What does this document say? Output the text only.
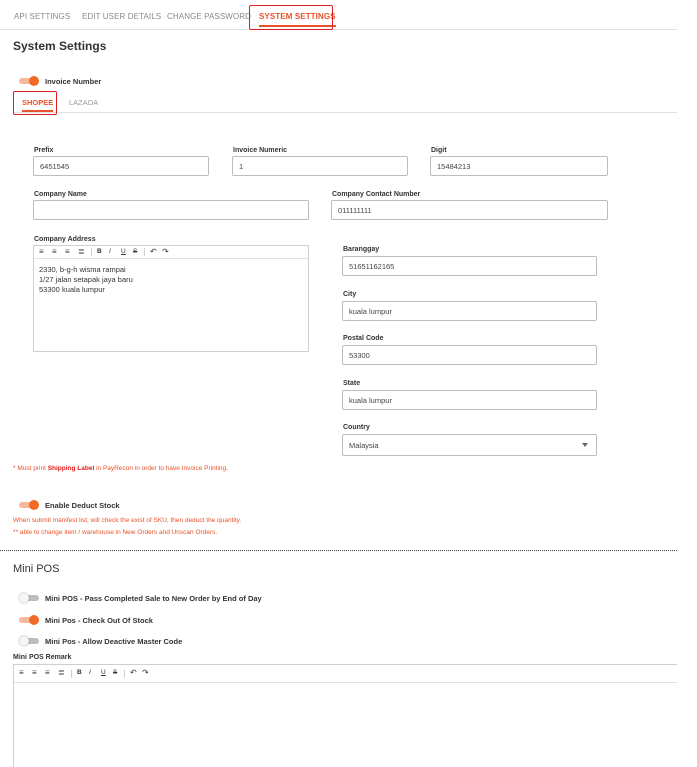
API SETTINGS EDIT USER DETAILS CHANGE PASSWORD SYSTEM SETTINGS
System Settings
Invoice Number
SHOPEE LAZADA
Prefix
6451545
Invoice Numeric
1
Digit
15484213
Company Name	Company Contact Number
011111111
Company Address
≡ ≡ ≡ ≣ B I U S ↶ ↷
2330, b-g-h wisma rampai
1/27 jalan setapak jaya baru
53300 kuala lumpur
Baranggay
51651162165
City
kuala lumpur
Postal Code
53300
State
kuala lumpur
Country
Malaysia
* Must print Shipping Label in PayRecon in order to have Invoice Printing.
Enable Deduct Stock
When submit manifest list, will check the exist of SKU, then deduct the quantity.
** able to change item / warehouse in New Orders and Unscan Orders.
Mini POS
Mini POS - Pass Completed Sale to New Order by End of Day
Mini Pos - Check Out Of Stock
Mini Pos - Allow Deactive Master Code
Mini POS Remark
≡ ≡ ≡ ≣ B I U S ↶ ↷
